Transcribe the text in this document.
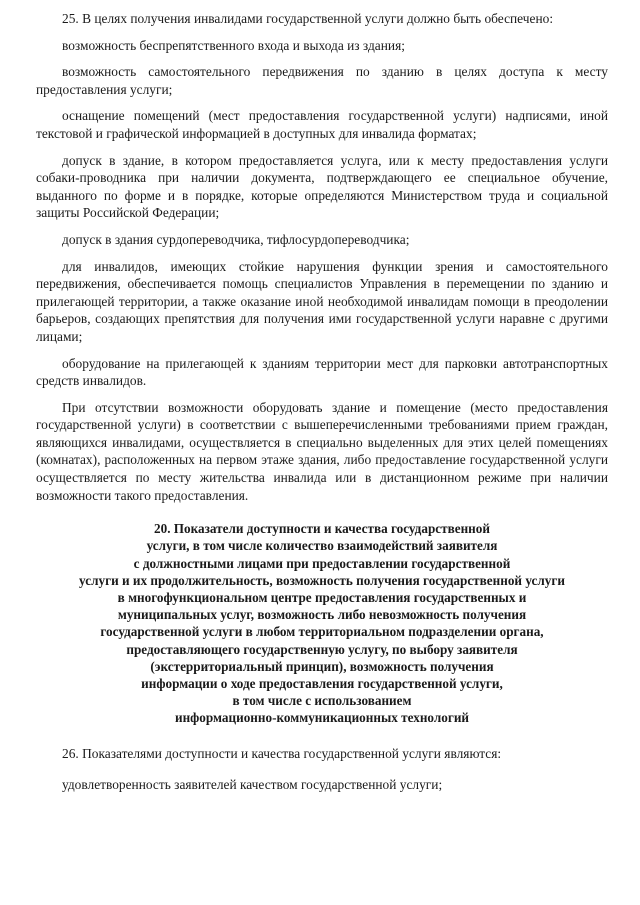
25. В целях получения инвалидами государственной услуги должно быть обеспечено:

возможность беспрепятственного входа и выхода из здания;

возможность самостоятельного передвижения по зданию в целях доступа к месту предоставления услуги;

оснащение помещений (мест предоставления государственной услуги) надписями, иной текстовой и графической информацией в доступных для инвалида форматах;

допуск в здание, в котором предоставляется услуга, или к месту предоставления услуги собаки-проводника при наличии документа, подтверждающего ее специальное обучение, выданного по форме и в порядке, которые определяются Министерством труда и социальной защиты Российской Федерации;

допуск в здания сурдопереводчика, тифлосурдопереводчика;

для инвалидов, имеющих стойкие нарушения функции зрения и самостоятельного передвижения, обеспечивается помощь специалистов Управления в перемещении по зданию и прилегающей территории, а также оказание иной необходимой инвалидам помощи в преодолении барьеров, создающих препятствия для получения ими государственной услуги наравне с другими лицами;

оборудование на прилегающей к зданиям территории мест для парковки автотранспортных средств инвалидов.

При отсутствии возможности оборудовать здание и помещение (место предоставления государственной услуги) в соответствии с вышеперечисленными требованиями прием граждан, являющихся инвалидами, осуществляется в специально выделенных для этих целей помещениях (комнатах), расположенных на первом этаже здания, либо предоставление государственной услуги осуществляется по месту жительства инвалида или в дистанционном режиме при наличии возможности такого предоставления.

20. Показатели доступности и качества государственной
услуги, в том числе количество взаимодействий заявителя
с должностными лицами при предоставлении государственной
услуги и их продолжительность, возможность получения государственной услуги
в многофункциональном центре предоставления государственных и
муниципальных услуг, возможность либо невозможность получения
государственной услуги в любом территориальном подразделении органа,
предоставляющего государственную услугу, по выбору заявителя
(экстерриториальный принцип), возможность получения
информации о ходе предоставления государственной услуги,
в том числе с использованием
информационно-коммуникационных технологий

26. Показателями доступности и качества государственной услуги являются:

удовлетворенность заявителей качеством государственной услуги;
